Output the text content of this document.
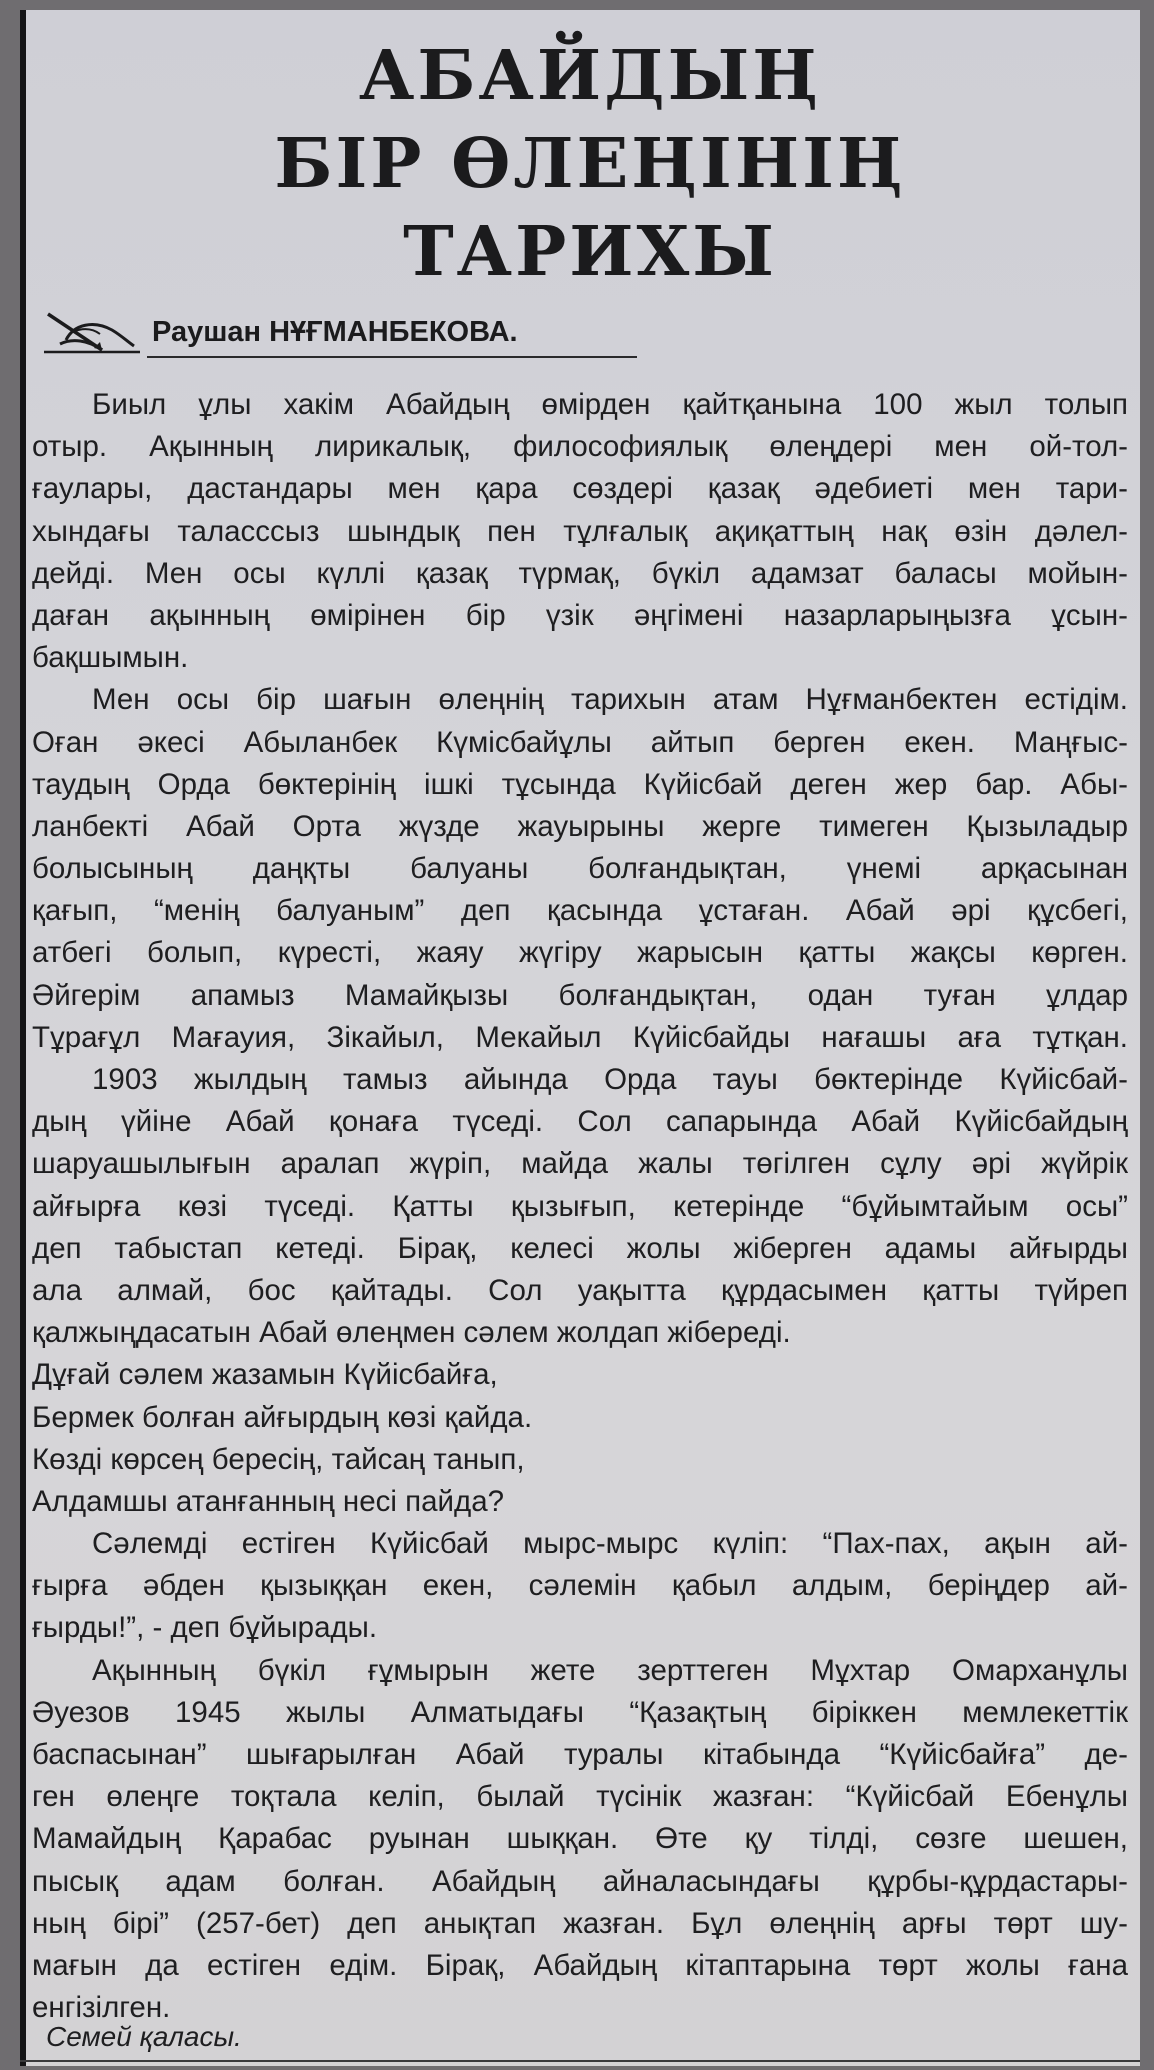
АБАЙДЫҢ
БІР ӨЛЕҢІНІҢ
ТАРИХЫ
Раушан НҰҒМАНБЕКОВА.
Биыл ұлы хакім Абайдың өмірден қайтқанына 100 жыл толып
отыр. Ақынның лирикалық, философиялық өлеңдері мен ой-тол-
ғаулары, дастандары мен қара сөздері қазақ әдебиеті мен тари-
хындағы таласссыз шындық пен тұлғалық ақиқаттың нақ өзін дәлел-
дейді. Мен осы күллі қазақ түрмақ, бүкіл адамзат баласы мойын-
даған ақынның өмірінен бір үзік әңгімені назарларыңызға ұсын-
бақшымын.
Мен осы бір шағын өлеңнің тарихын атам Нұғманбектен естідім.
Оған әкесі Абыланбек Күмісбайұлы айтып берген екен. Маңғыс-
таудың Орда бөктерінің ішкі тұсында Күйісбай деген жер бар. Абы-
ланбекті Абай Орта жүзде жауырыны жерге тимеген Қызыладыр
болысының даңқты балуаны болғандықтан, үнемі арқасынан
қағып, “менің балуаным” деп қасында ұстаған. Абай әрі құсбегі,
атбегі болып, күресті, жаяу жүгіру жарысын қатты жақсы көрген.
Әйгерім апамыз Мамайқызы болғандықтан, одан туған ұлдар
Тұрағұл Мағауия, Зікайыл, Мекайыл Күйісбайды нағашы аға тұтқан.
1903 жылдың тамыз айында Орда тауы бөктерінде Күйісбай-
дың үйіне Абай қонаға түседі. Сол сапарында Абай Күйісбайдың
шаруашылығын аралап жүріп, майда жалы төгілген сұлу әрі жүйрік
айғырға көзі түседі. Қатты қызығып, кетерінде “бұйымтайым осы”
деп табыстап кетеді. Бірақ, келесі жолы жіберген адамы айғырды
ала алмай, бос қайтады. Сол уақытта құрдасымен қатты түйреп
қалжыңдасатын Абай өлеңмен сәлем жолдап жібереді.
Дұғай сәлем жазамын Күйісбайға,
Бермек болған айғырдың көзі қайда.
Көзді көрсең бересің, тайсаң танып,
Алдамшы атанғанның несі пайда?
Сәлемді естіген Күйісбай мырс-мырс күліп: “Пах-пах, ақын ай-
ғырға әбден қызыққан екен, сәлемін қабыл алдым, беріңдер ай-
ғырды!”, - деп бұйырады.
Ақынның бүкіл ғұмырын жете зерттеген Мұхтар Омарханұлы
Әуезов 1945 жылы Алматыдағы “Қазақтың біріккен мемлекеттік
баспасынан” шығарылған Абай туралы кітабында “Күйісбайға” де-
ген өлеңге тоқтала келіп, былай түсінік жазған: “Күйісбай Ебенұлы
Мамайдың Қарабас руынан шыққан. Өте қу тілді, сөзге шешен,
пысық адам болған. Абайдың айналасындағы құрбы-құрдастары-
ның бірі” (257-бет) деп анықтап жазған. Бұл өлеңнің арғы төрт шу-
мағын да естіген едім. Бірақ, Абайдың кітаптарына төрт жолы ғана
енгізілген.
Семей қаласы.
